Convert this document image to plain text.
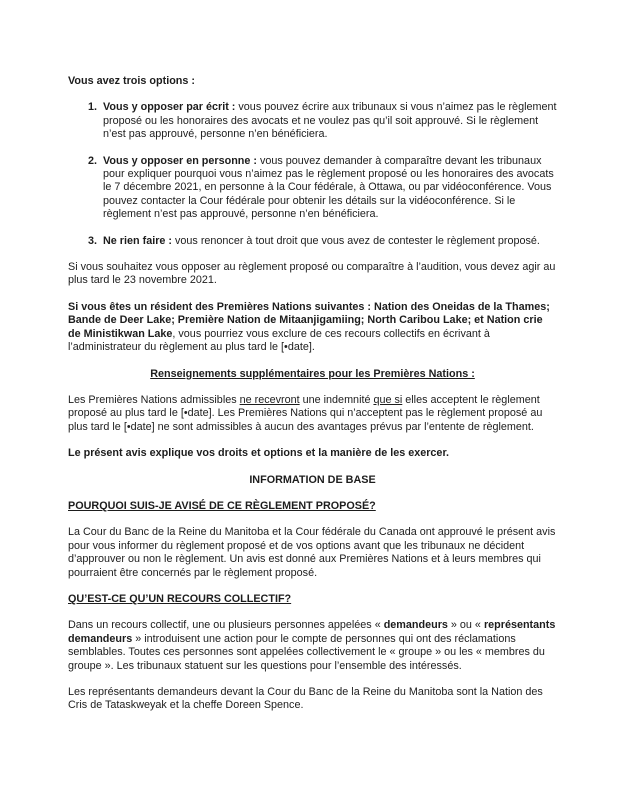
Vous avez trois options :

1. Vous y opposer par écrit : vous pouvez écrire aux tribunaux si vous n’aimez pas le règlement proposé ou les honoraires des avocats et ne voulez pas qu’il soit approuvé. Si le règlement n’est pas approuvé, personne n’en bénéficiera.
2. Vous y opposer en personne : vous pouvez demander à comparaître devant les tribunaux pour expliquer pourquoi vous n’aimez pas le règlement proposé ou les honoraires des avocats le 7 décembre 2021, en personne à la Cour fédérale, à Ottawa, ou par vidéoconférence. Vous pouvez contacter la Cour fédérale pour obtenir les détails sur la vidéoconférence. Si le règlement n’est pas approuvé, personne n’en bénéficiera.
3. Ne rien faire : vous renoncer à tout droit que vous avez de contester le règlement proposé.

Si vous souhaitez vous opposer au règlement proposé ou comparaître à l’audition, vous devez agir au plus tard le 23 novembre 2021.

Si vous êtes un résident des Premières Nations suivantes : Nation des Oneidas de la Thames; Bande de Deer Lake; Première Nation de Mitaanjigamiing; North Caribou Lake; et Nation crie de Ministikwan Lake, vous pourriez vous exclure de ces recours collectifs en écrivant à l’administrateur du règlement au plus tard le [•date].

Renseignements supplémentaires pour les Premières Nations :

Les Premières Nations admissibles ne recevront une indemnité que si elles acceptent le règlement proposé au plus tard le [•date]. Les Premières Nations qui n’acceptent pas le règlement proposé au plus tard le [•date] ne sont admissibles à aucun des avantages prévus par l’entente de règlement.

Le présent avis explique vos droits et options et la manière de les exercer.

INFORMATION DE BASE

POURQUOI SUIS-JE AVISÉ DE CE RÈGLEMENT PROPOSÉ?

La Cour du Banc de la Reine du Manitoba et la Cour fédérale du Canada ont approuvé le présent avis pour vous informer du règlement proposé et de vos options avant que les tribunaux ne décident d’approuver ou non le règlement. Un avis est donné aux Premières Nations et à leurs membres qui pourraient être concernés par le règlement proposé.

QU’EST-CE QU’UN RECOURS COLLECTIF?

Dans un recours collectif, une ou plusieurs personnes appelées « demandeurs » ou « représentants demandeurs » introduisent une action pour le compte de personnes qui ont des réclamations semblables. Toutes ces personnes sont appelées collectivement le « groupe » ou les « membres du groupe ». Les tribunaux statuent sur les questions pour l’ensemble des intéressés.

Les représentants demandeurs devant la Cour du Banc de la Reine du Manitoba sont la Nation des Cris de Tataskweyak et la cheffe Doreen Spence.
